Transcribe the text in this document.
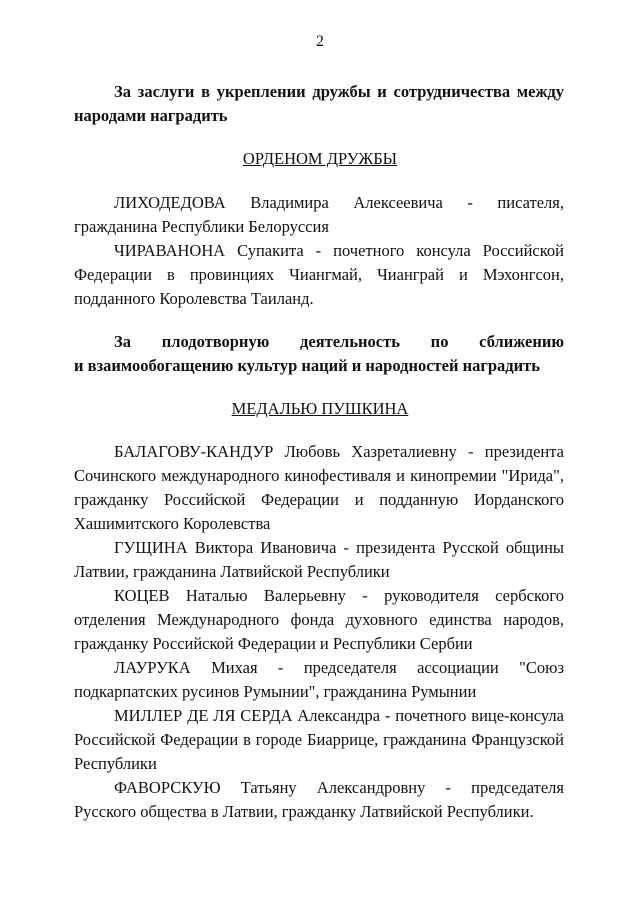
2
За заслуги в укреплении дружбы и сотрудничества между народами наградить
ОРДЕНОМ ДРУЖБЫ

ЛИХОДЕДОВА Владимира Алексеевича - писателя, гражданина Республики Белоруссия

ЧИРАВАНОНА Супакита - почетного консула Российской Федерации в провинциях Чиангмай, Чианграй и Мэхонгсон, подданного Королевства Таиланд.

За плодотворную деятельность по сближению
и взаимообогащению культур наций и народностей наградить
МЕДАЛЬЮ ПУШКИНА

БАЛАГОВУ-КАНДУР Любовь Хазреталиевну - президента Сочинского международного кинофестиваля и кинопремии "Ирида", гражданку Российской Федерации и подданную Иорданского Хашимитского Королевства

ГУЩИНА Виктора Ивановича - президента Русской общины Латвии, гражданина Латвийской Республики

КОЦЕВ Наталью Валерьевну - руководителя сербского отделения Международного фонда духовного единства народов, гражданку Российской Федерации и Республики Сербии

ЛАУРУКА Михая - председателя ассоциации "Союз подкарпатских русинов Румынии", гражданина Румынии

МИЛЛЕР ДЕ ЛЯ СЕРДА Александра - почетного вице-консула Российской Федерации в городе Биаррице, гражданина Французской Республики

ФАВОРСКУЮ Татьяну Александровну - председателя Русского общества в Латвии, гражданку Латвийской Республики.
